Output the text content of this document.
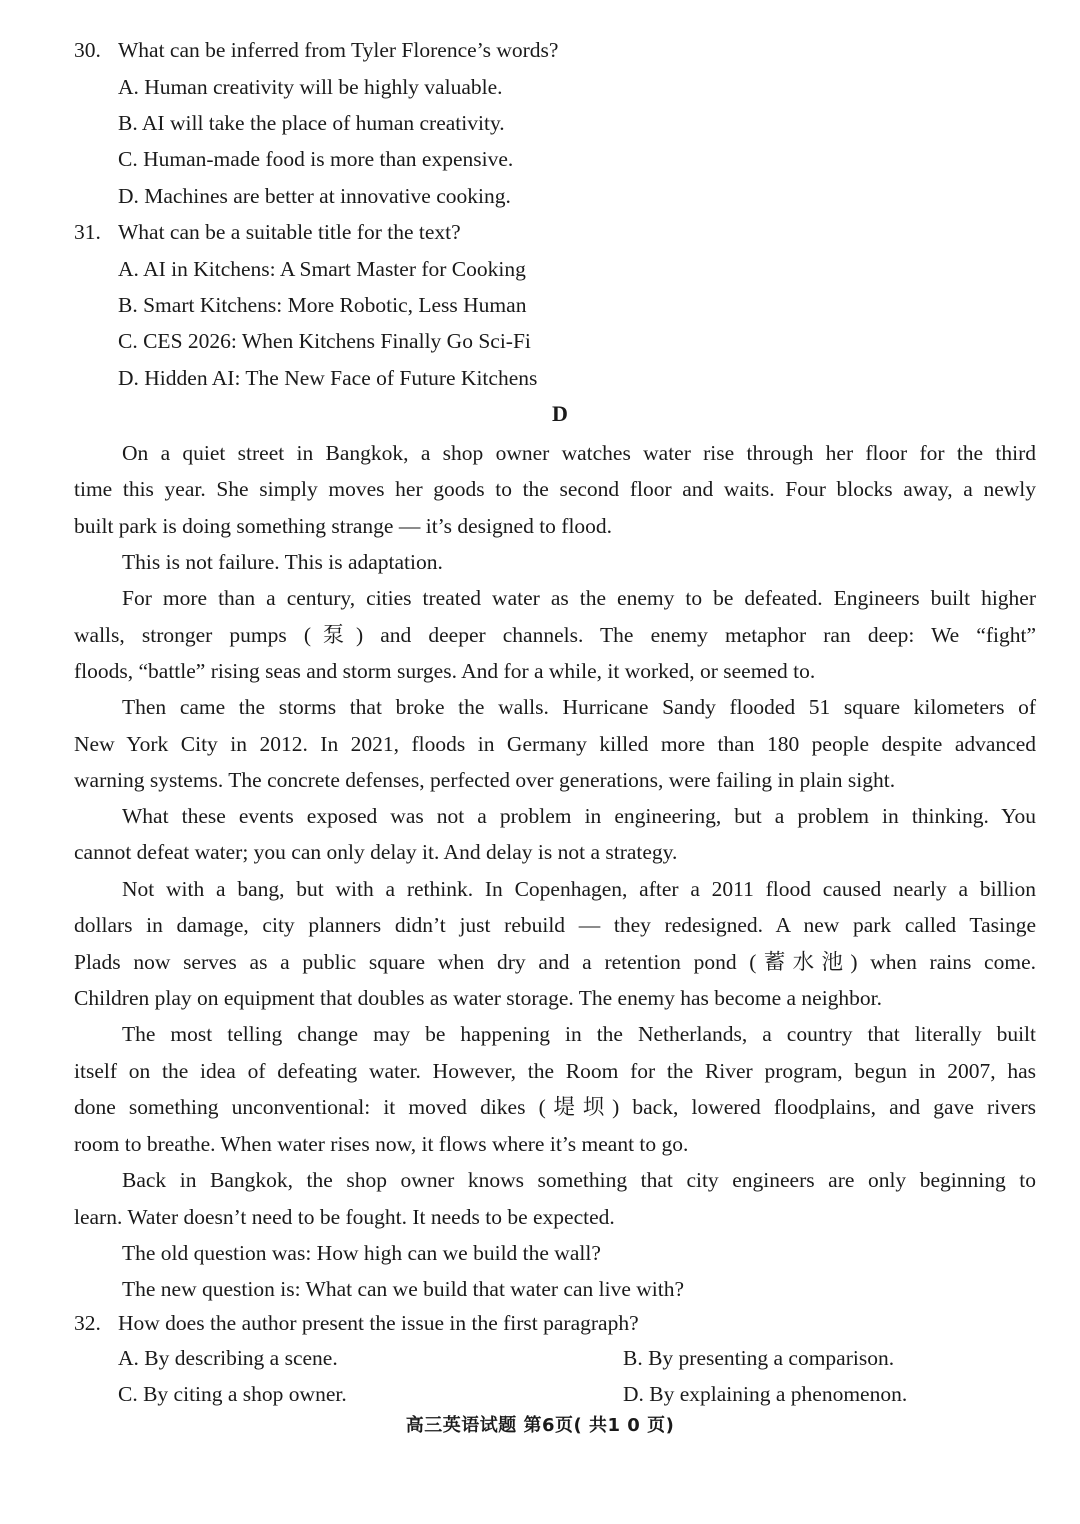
30. What can be inferred from Tyler Florence’s words?
A. Human creativity will be highly valuable.
B. AI will take the place of human creativity.
C. Human-made food is more than expensive.
D. Machines are better at innovative cooking.
31. What can be a suitable title for the text?
A. AI in Kitchens: A Smart Master for Cooking
B. Smart Kitchens: More Robotic, Less Human
C. CES 2026: When Kitchens Finally Go Sci-Fi
D. Hidden AI: The New Face of Future Kitchens
D
On a quiet street in Bangkok, a shop owner watches water rise through her floor for the third
time this year. She simply moves her goods to the second floor and waits. Four blocks away, a newly
built park is doing something strange — it’s designed to flood.
This is not failure. This is adaptation.
For more than a century, cities treated water as the enemy to be defeated. Engineers built higher
walls, stronger pumps (泵) and deeper channels. The enemy metaphor ran deep: We “fight”
floods, “battle” rising seas and storm surges. And for a while, it worked, or seemed to.
Then came the storms that broke the walls. Hurricane Sandy flooded 51 square kilometers of
New York City in 2012. In 2021, floods in Germany killed more than 180 people despite advanced
warning systems. The concrete defenses, perfected over generations, were failing in plain sight.
What these events exposed was not a problem in engineering, but a problem in thinking. You
cannot defeat water; you can only delay it. And delay is not a strategy.
Not with a bang, but with a rethink. In Copenhagen, after a 2011 flood caused nearly a billion
dollars in damage, city planners didn’t just rebuild — they redesigned. A new park called Tasinge
Plads now serves as a public square when dry and a retention pond (蓄水池) when rains come.
Children play on equipment that doubles as water storage. The enemy has become a neighbor.
The most telling change may be happening in the Netherlands, a country that literally built
itself on the idea of defeating water. However, the Room for the River program, begun in 2007, has
done something unconventional: it moved dikes (堤坝) back, lowered floodplains, and gave rivers
room to breathe. When water rises now, it flows where it’s meant to go.
Back in Bangkok, the shop owner knows something that city engineers are only beginning to
learn. Water doesn’t need to be fought. It needs to be expected.
The old question was: How high can we build the wall?
The new question is: What can we build that water can live with?
32. How does the author present the issue in the first paragraph?
A. By describing a scene.	B. By presenting a comparison.
C. By citing a shop owner.	D. By explaining a phenomenon.
高三英语试题 第6页( 共1 0 页)
